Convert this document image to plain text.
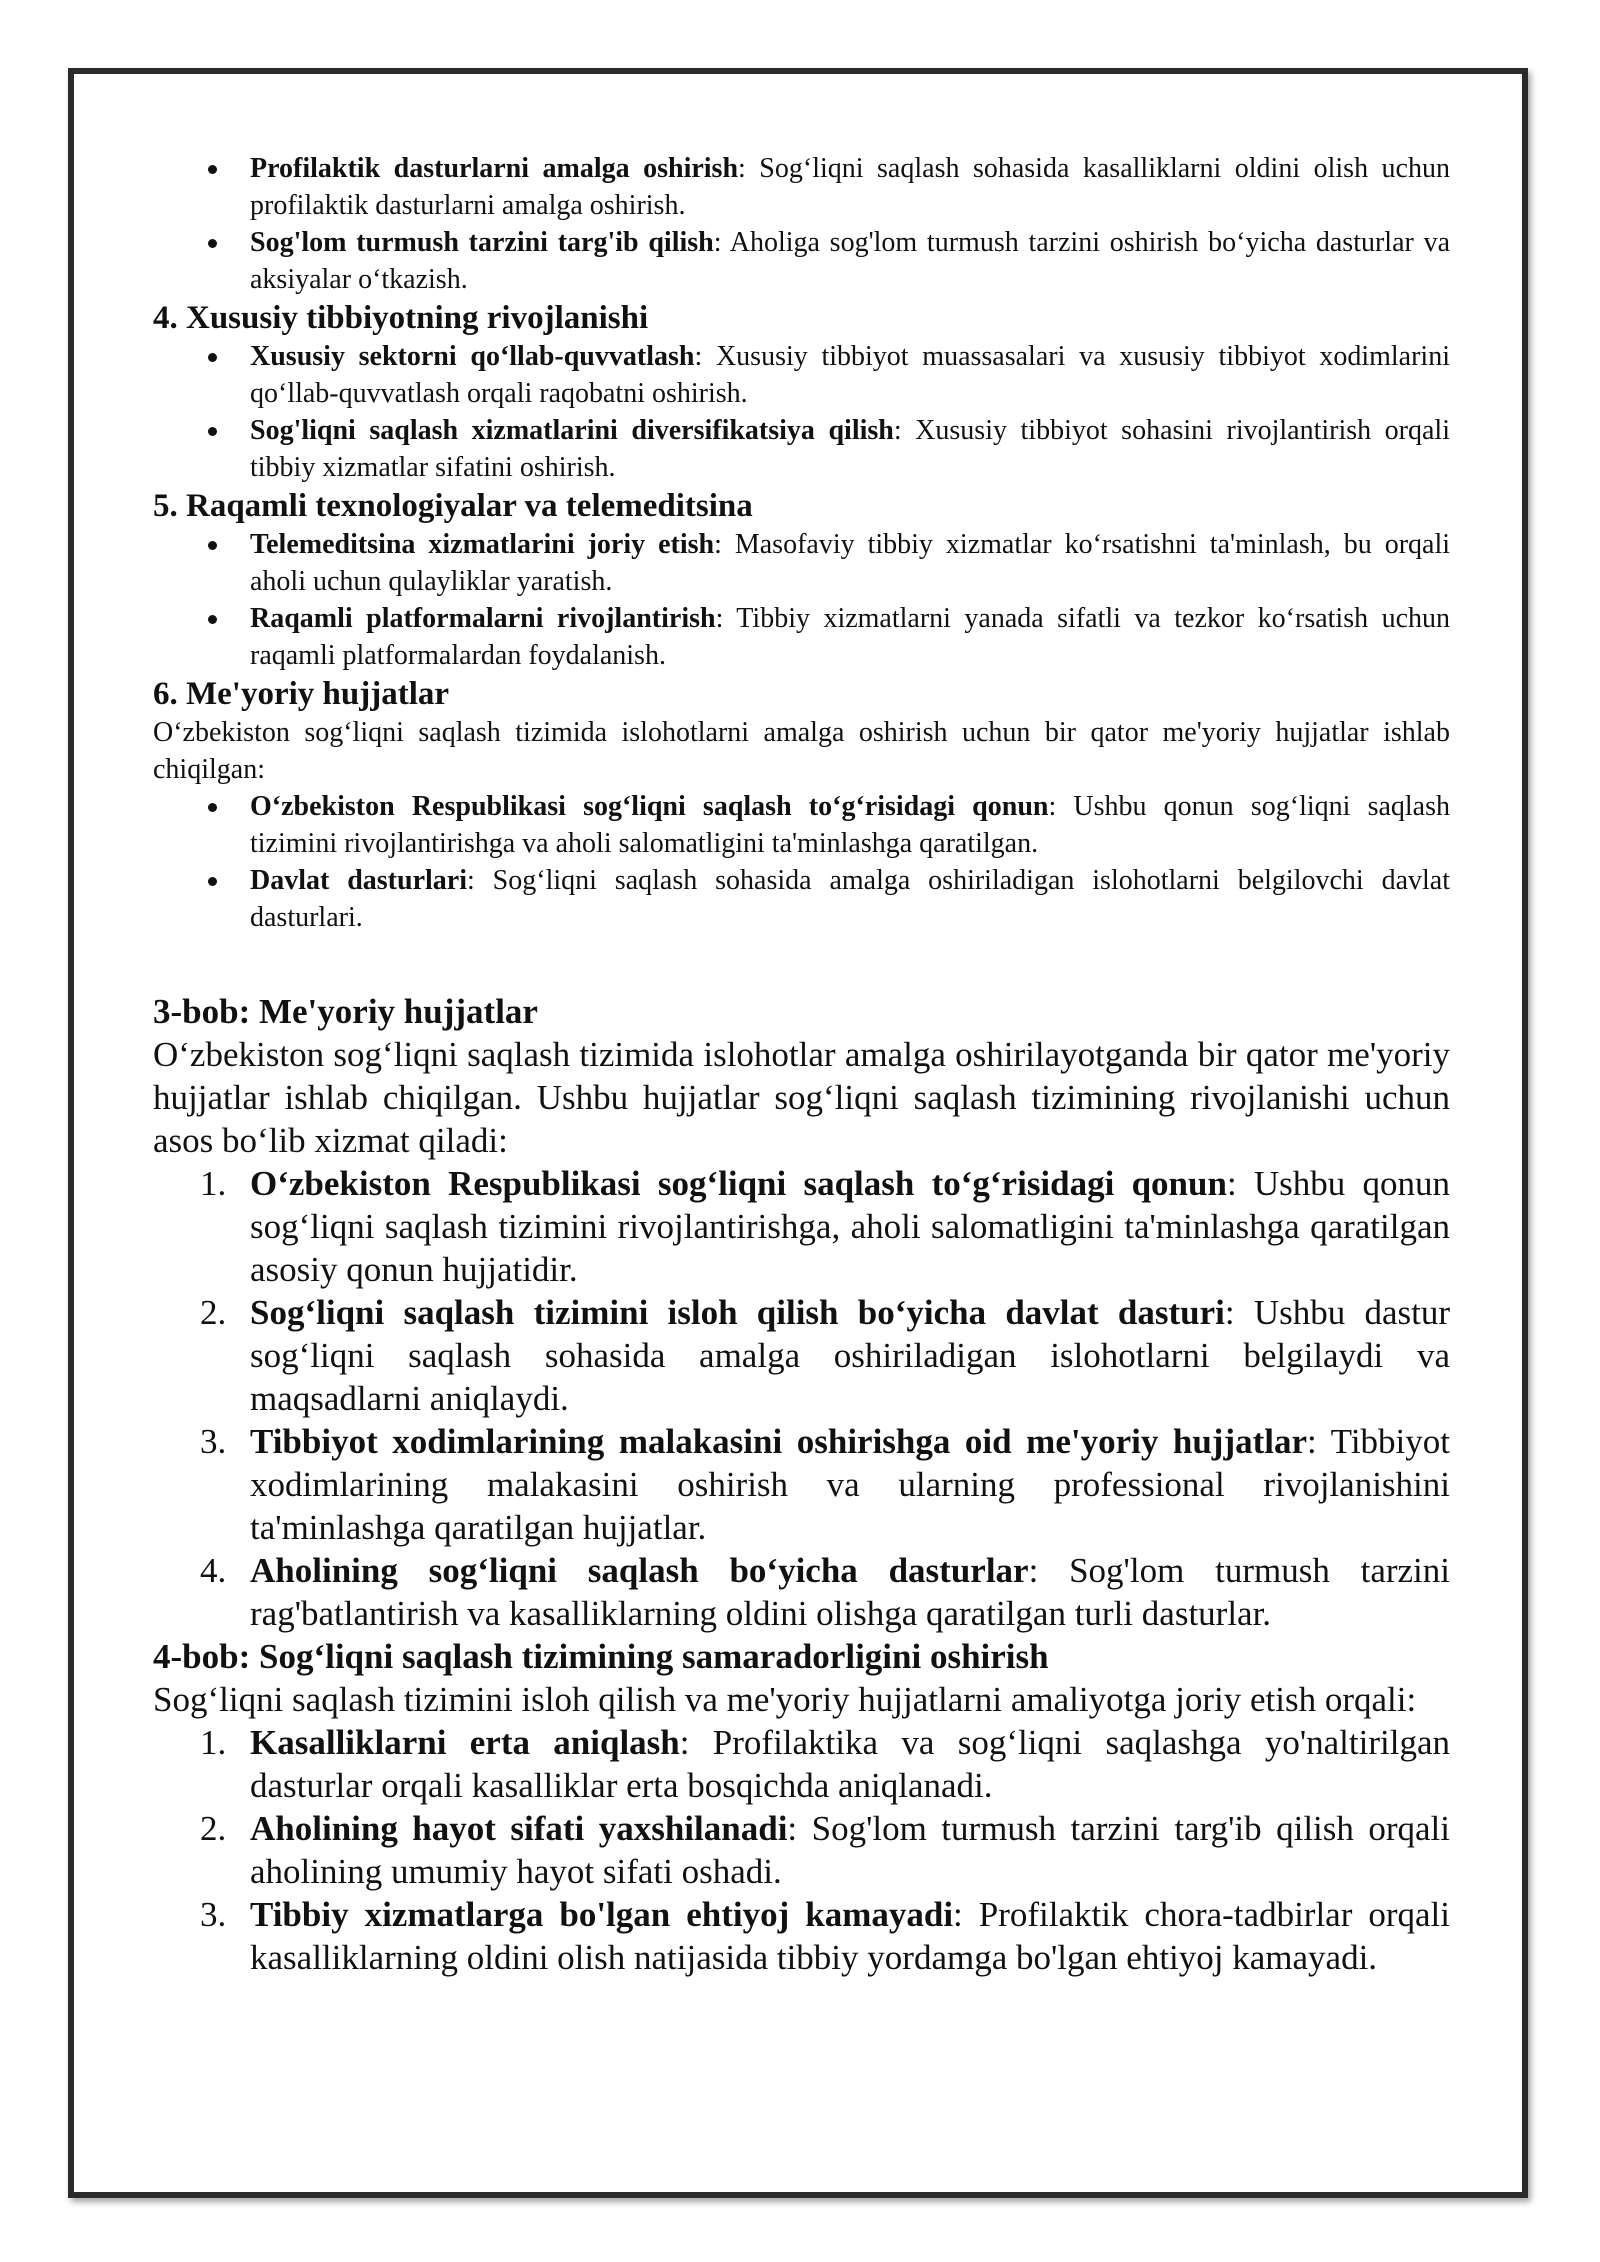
Profilaktik dasturlarni amalga oshirish: Sog‘liqni saqlash sohasida kasalliklarni oldini olish uchun profilaktik dasturlarni amalga oshirish.
Sog'lom turmush tarzini targ'ib qilish: Aholiga sog'lom turmush tarzini oshirish bo‘yicha dasturlar va aksiyalar o‘tkazish.
4. Xususiy tibbiyotning rivojlanishi
Xususiy sektorni qo‘llab-quvvatlash: Xususiy tibbiyot muassasalari va xususiy tibbiyot xodimlarini qo‘llab-quvvatlash orqali raqobatni oshirish.
Sog'liqni saqlash xizmatlarini diversifikatsiya qilish: Xususiy tibbiyot sohasini rivojlantirish orqali tibbiy xizmatlar sifatini oshirish.
5. Raqamli texnologiyalar va telemeditsina
Telemeditsina xizmatlarini joriy etish: Masofaviy tibbiy xizmatlar ko‘rsatishni ta'minlash, bu orqali aholi uchun qulayliklar yaratish.
Raqamli platformalarni rivojlantirish: Tibbiy xizmatlarni yanada sifatli va tezkor ko‘rsatish uchun raqamli platformalardan foydalanish.
6. Me'yoriy hujjatlar

O‘zbekiston sog‘liqni saqlash tizimida islohotlarni amalga oshirish uchun bir qator me'yoriy hujjatlar ishlab chiqilgan:

O‘zbekiston Respublikasi sog‘liqni saqlash to‘g‘risidagi qonun: Ushbu qonun sog‘liqni saqlash tizimini rivojlantirishga va aholi salomatligini ta'minlashga qaratilgan.
Davlat dasturlari: Sog‘liqni saqlash sohasida amalga oshiriladigan islohotlarni belgilovchi davlat dasturlari.
3-bob: Me'yoriy hujjatlar

O‘zbekiston sog‘liqni saqlash tizimida islohotlar amalga oshirilayotganda bir qator me'yoriy hujjatlar ishlab chiqilgan. Ushbu hujjatlar sog‘liqni saqlash tizimining rivojlanishi uchun asos bo‘lib xizmat qiladi:

1. O‘zbekiston Respublikasi sog‘liqni saqlash to‘g‘risidagi qonun: Ushbu qonun sog‘liqni saqlash tizimini rivojlantirishga, aholi salomatligini ta'minlashga qaratilgan asosiy qonun hujjatidir.
2. Sog‘liqni saqlash tizimini isloh qilish bo‘yicha davlat dasturi: Ushbu dastur sog‘liqni saqlash sohasida amalga oshiriladigan islohotlarni belgilaydi va maqsadlarni aniqlaydi.
3. Tibbiyot xodimlarining malakasini oshirishga oid me'yoriy hujjatlar: Tibbiyot xodimlarining malakasini oshirish va ularning professional rivojlanishini ta'minlashga qaratilgan hujjatlar.
4. Aholining sog‘liqni saqlash bo‘yicha dasturlar: Sog'lom turmush tarzini rag'batlantirish va kasalliklarning oldini olishga qaratilgan turli dasturlar.
4-bob: Sog‘liqni saqlash tizimining samaradorligini oshirish

Sog‘liqni saqlash tizimini isloh qilish va me'yoriy hujjatlarni amaliyotga joriy etish orqali:

1. Kasalliklarni erta aniqlash: Profilaktika va sog‘liqni saqlashga yo'naltirilgan dasturlar orqali kasalliklar erta bosqichda aniqlanadi.
2. Aholining hayot sifati yaxshilanadi: Sog'lom turmush tarzini targ'ib qilish orqali aholining umumiy hayot sifati oshadi.
3. Tibbiy xizmatlarga bo'lgan ehtiyoj kamayadi: Profilaktik chora-tadbirlar orqali kasalliklarning oldini olish natijasida tibbiy yordamga bo'lgan ehtiyoj kamayadi.
